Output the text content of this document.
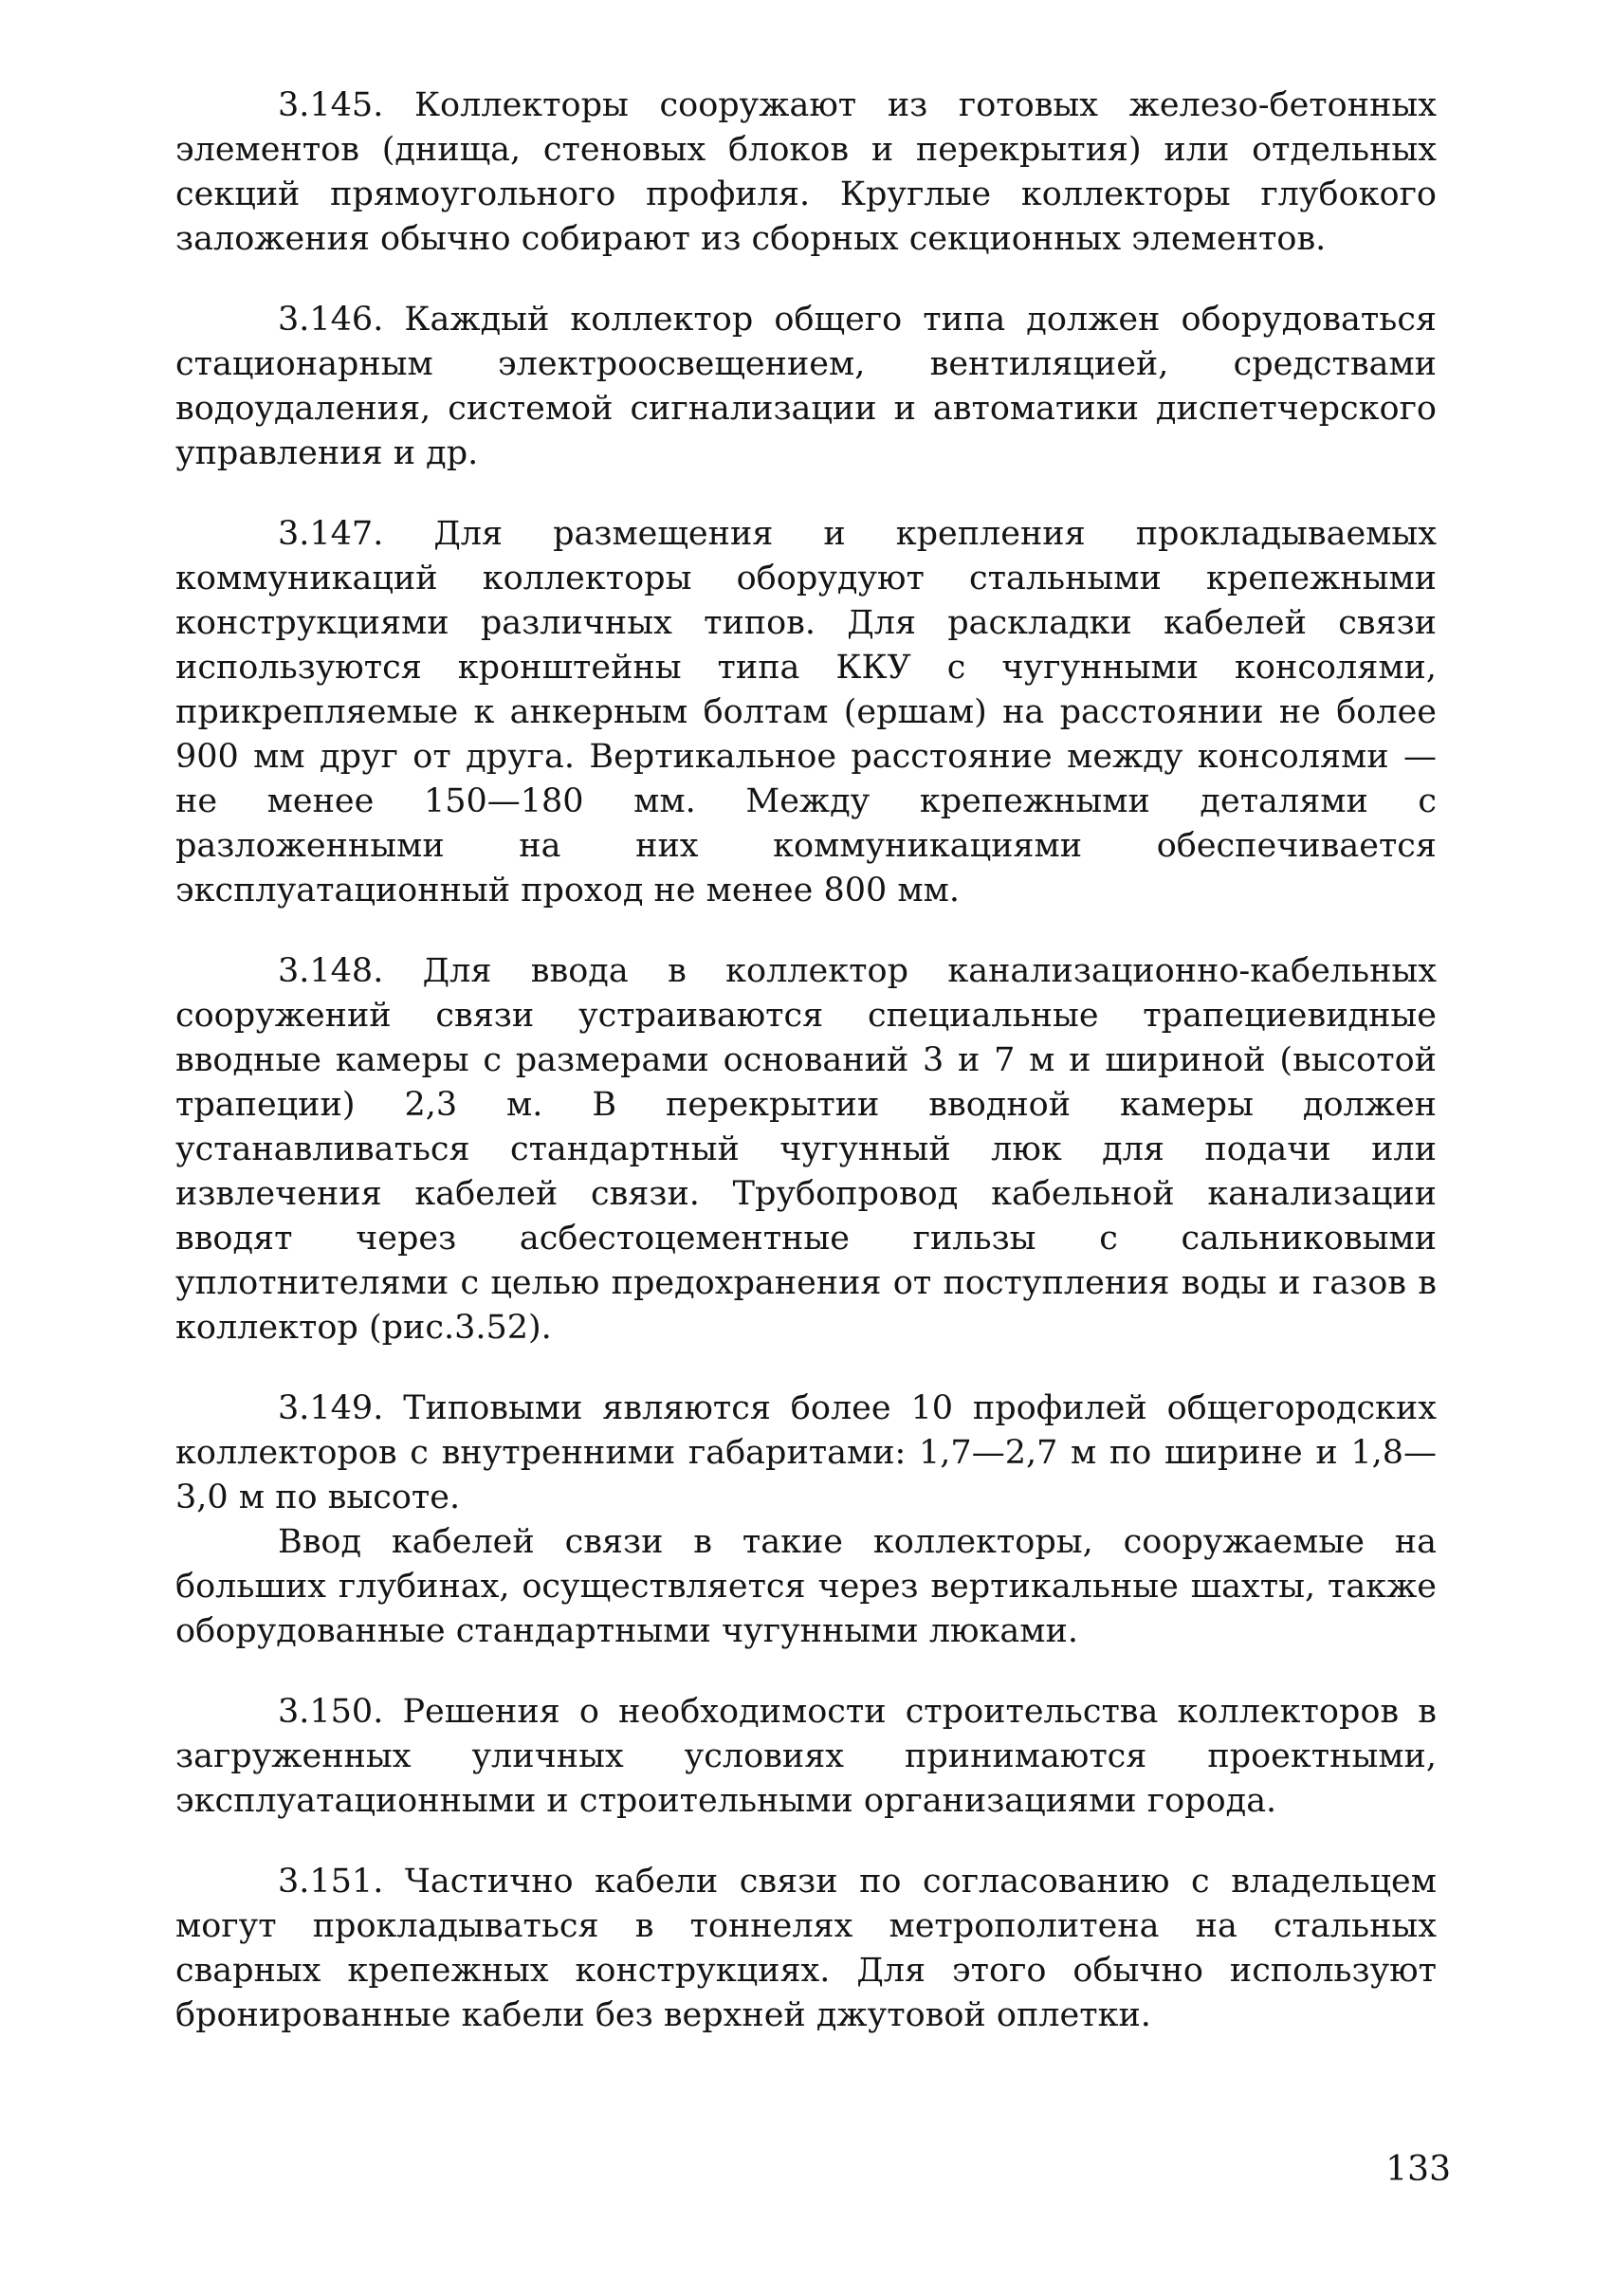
3.145. Коллекторы сооружают из готовых железо-бетонных элементов (днища, стеновых блоков и перекрытия) или отдельных секций прямоугольного профиля. Круглые коллекторы глубокого заложения обычно собирают из сборных секционных элементов.

3.146. Каждый коллектор общего типа должен оборудоваться стационарным электроосвещением, вентиляцией, средствами водоудаления, системой сигнализации и автоматики диспетчерского управления и др.

3.147. Для размещения и крепления прокладываемых коммуникаций коллекторы оборудуют стальными крепежными конструкциями различных типов. Для раскладки кабелей связи используются кронштейны типа ККУ с чугунными консолями, прикрепляемые к анкерным болтам (ершам) на расстоянии не более 900 мм друг от друга. Вертикальное расстояние между консолями — не менее 150—180 мм. Между крепежными деталями с разложенными на них коммуникациями обеспечивается эксплуатационный проход не менее 800 мм.

3.148. Для ввода в коллектор канализационно-кабельных сооружений связи устраиваются специальные трапециевидные вводные камеры с размерами оснований 3 и 7 м и шириной (высотой трапеции) 2,3 м. В перекрытии вводной камеры должен устанавливаться стандартный чугунный люк для подачи или извлечения кабелей связи. Трубопровод кабельной канализации вводят через асбестоцементные гильзы с сальниковыми уплотнителями с целью предохранения от поступления воды и газов в коллектор (рис.3.52).

3.149. Типовыми являются более 10 профилей общегородских коллекторов с внутренними габаритами: 1,7—2,7 м по ширине и 1,8—3,0 м по высоте.

Ввод кабелей связи в такие коллекторы, сооружаемые на больших глубинах, осуществляется через вертикальные шахты, также оборудованные стандартными чугунными люками.

3.150. Решения о необходимости строительства коллекторов в загруженных уличных условиях принимаются проектными, эксплуатационными и строительными организациями города.

3.151. Частично кабели связи по согласованию с владельцем могут прокладываться в тоннелях метрополитена на стальных сварных крепежных конструкциях. Для этого обычно используют бронированные кабели без верхней джутовой оплетки.

133
